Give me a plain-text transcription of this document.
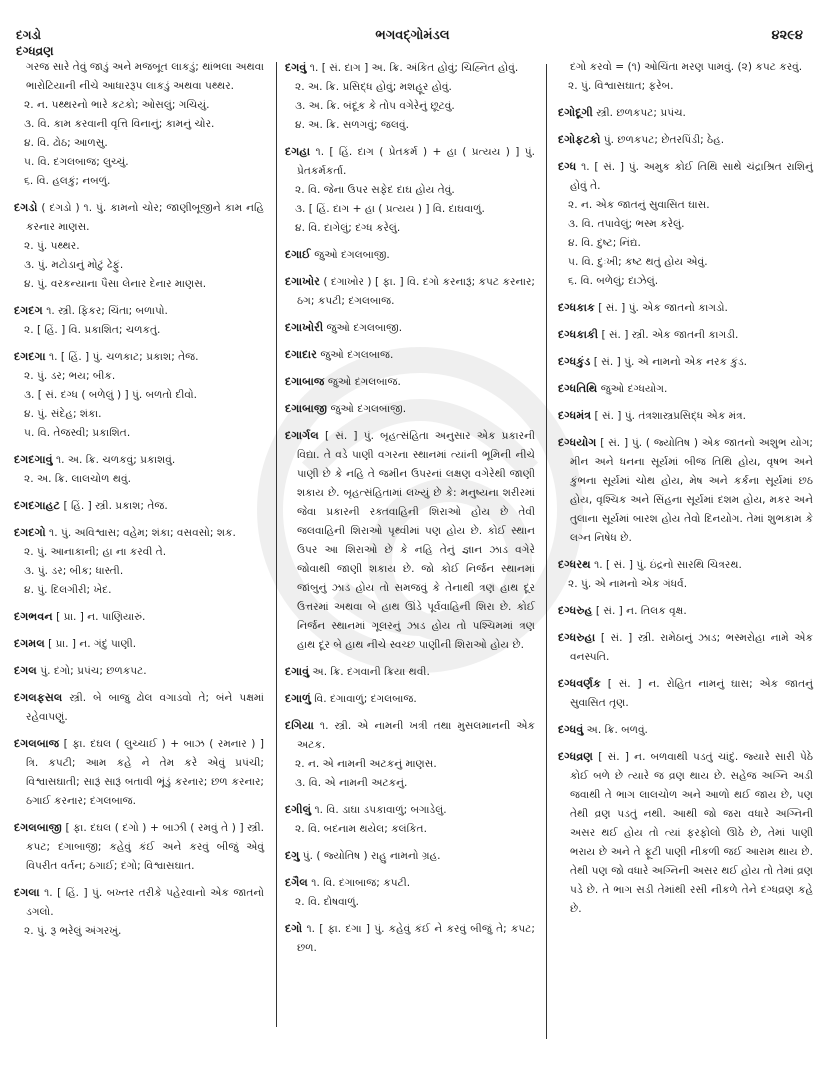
દગડો
દગ્ધવ્રણ
ભગવદ્ગોમંડલ	૪૨૯૪
ગરજ સારે તેવું જાડું અને મજબૂત લાકડું; થાંભલા અથવા ભારોટિયાની નીચે આધારરૂપ લાકડું અથવા પથ્થર.
૨. ન. પથ્થરનો ભારે કટકો; ઓસલું; ગચિયું.
૩. વિ. કામ કરવાની વૃત્તિ વિનાનું; કામનું ચોર.
૪. વિ. ઢોઠ; આળસુ.
૫. વિ. દગલબાજ; લુચ્ચું.
૬. વિ. હલકું; નબળું.
દગડો ( દગડો ) ૧. પું. કામનો ચોર; જાણીબૂજીને કામ નહિ કરનાર માણસ.
૨. પું. પથ્થર.
૩. પું. મટોડાનું મોટું ઢેફું.
૪. પું. વરકન્યાના પૈસા લેનાર દેનાર માણસ.
દગદગ ૧. સ્ત્રી. ફિકર; ચિંતા; બળાપો.
૨. [ હિં. ] વિ. પ્રકાશિત; ચળકતું.
દગદગા ૧. [ હિં. ] પું. ચળકાટ; પ્રકાશ; તેજ.
૨. પું. ડર; ભય; બીક.
૩. [ સં. દગ્ધ ( બળેલું ) ] પું. બળતો દીવો.
૪. પું. સંદેહ; શંકા.
૫. વિ. તેજસ્વી; પ્રકાશિત.
દગદગાવું ૧. અ. ક્રિ. ચળકવું; પ્રકાશવું.
૨. અ. ક્રિ. લાલચોળ થવું.
દગદગાહટ [ હિં. ] સ્ત્રી. પ્રકાશ; તેજ.
દગદગો ૧. પું. અવિશ્વાસ; વહેમ; શંકા; વસવસો; શક.
૨. પું. આનાકાની; હા ના કરવી તે.
૩. પું. ડર; બીક; ધાસ્તી.
૪. પું. દિલગીરી; ખેદ.
દગભવન [ પ્રા. ] ન. પાણિયારું.
દગમલ [ પ્રા. ] ન. ગંદું પાણી.
દગલ પું. દગો; પ્રપંચ; છળકપટ.
દગલફસલ સ્ત્રી. બે બાજુ ઢોલ વગાડવો તે; બંને પક્ષમાં રહેવાપણું.
દગલબાજ [ ફા. દઘલ ( લુચ્ચાઈ ) + બાઝ ( રમનાર ) ] ત્રિ. કપટી; આમ કહે ને તેમ કરે એવું પ્રપંચી; વિશ્વાસઘાતી; સારૂં સારૂં બતાવી ભૂંડું કરનાર; છળ કરનાર; ઠગાઈ કરનાર; દગલબાજ.
દગલબાજી [ ફા. દઘલ ( દગો ) + બાઝી ( રમવું તે ) ] સ્ત્રી. કપટ; દગાબાજી; કહેવું કંઈ અને કરવું બીજું એવું વિપરીત વર્તન; ઠગાઈ; દગો; વિશ્વાસઘાત.
દગલા ૧. [ હિં. ] પું. બખ્તર તરીકે પહેરવાનો એક જાતનો ડગલો.
૨. પું. રૂ ભરેલું અંગરખું.
દગવું ૧. [ સં. દાગ ] અ. ક્રિ. અંકિત હોવું; ચિહ્નિત હોવું.
૨. અ. ક્રિ. પ્રસિદ્ધ હોવું; મશહૂર હોવું.
૩. અ. ક્રિ. બંદૂક કે તોપ વગેરેનું છૂટવું.
૪. અ. ક્રિ. સળગવું; જલવું.
દગહા ૧. [ હિં. દાગ ( પ્રેતકર્મ ) + હા ( પ્રત્યય ) ] પું. પ્રેતકર્મકર્તા.
૨. વિ. જેના ઉપર સફેદ દાઘ હોય તેવું.
૩. [ હિં. દાગ + હા ( પ્રત્યય ) ] વિ. દાઘવાળું.
૪. વિ. દાગેલું; દગ્ધ કરેલું.
દગાઈ જુઓ દગલબાજી.
દગાખોર ( દગાખોર ) [ ફા. ] વિ. દગો કરનારૂં; કપટ કરનાર; ઠગ; કપટી; દગલબાજ.
દગાખોરી જુઓ દગલબાજી.
દગાદાર જુઓ દગલબાજ.
દગાબાજ જુઓ દગલબાજ.
દગાબાજી જુઓ દગલબાજી.
દગાર્ગલ [ સં. ] પું. બૃહત્સંહિતા અનુસાર એક પ્રકારની વિદ્યા. તે વડે પાણી વગરના સ્થાનમાં ત્યાંની ભૂમિની નીચે પાણી છે કે નહિ તે જમીન ઉપરનાં લક્ષણ વગેરેથી જાણી શકાય છે. બૃહત્સંહિતામાં લખ્યું છે કે: મનુષ્યના શરીરમાં જેવા પ્રકારની રક્તવાહિની શિરાઓ હોય છે તેવી જલવાહિની શિરાઓ પૃથ્વીમાં પણ હોય છે. કોઈ સ્થાન ઉપર આ શિરાઓ છે કે નહિ તેનું જ્ઞાન ઝાડ વગેરે જોવાથી જાણી શકાય છે. જો કોઈ નિર્જન સ્થાનમાં જાંબુનું ઝાડ હોય તો સમજવું કે તેનાથી ત્રણ હાથ દૂર ઉત્તરમાં અથવા બે હાથ ઊંડે પૂર્વવાહિની શિરા છે. કોઈ નિર્જન સ્થાનમાં ગૂલરનું ઝાડ હોય તો પશ્ચિમમાં ત્રણ હાથ દૂર બે હાથ નીચે સ્વચ્છ પાણીની શિરાઓ હોય છે.
દગાવું અ. ક્રિ. દગવાની ક્રિયા થવી.
દગાળું વિ. દગાવાળું; દગલબાજ.
દગિયા ૧. સ્ત્રી. એ નામની ખત્રી તથા મુસલમાનની એક અટક.
૨. ન. એ નામની અટકનું માણસ.
૩. વિ. એ નામની અટકનું.
દગીલું ૧. વિ. ડાઘા ડપકાવાળું; બગાડેલું.
૨. વિ. બદનામ થયેલ; કલંકિત.
દગુ પું. ( જ્યોતિષ ) રાહુ નામનો ગ્રહ.
દગૈલ ૧. વિ. દગાબાજ; કપટી.
૨. વિ. દોષવાળું.
દગો ૧. [ ફા. દગા ] પું. કહેવું કંઈ ને કરવું બીજું તે; કપટ; છળ.
દગો કરવો = (૧) ઓચિંતા મરણ પામવું. (૨) કપટ કરવું.
૨. પું. વિશ્વાસઘાત; ફરેબ.
દગોદૂગી સ્ત્રી. છળકપટ; પ્રપંચ.
દગોફટકો પું. છળકપટ; છેતરપિંડી; ઠેહ.
દગ્ધ ૧. [ સં. ] પું. અમુક કોઈ તિથિ સાથે ચંદ્રાશ્રિત રાશિનું હોવું તે.
૨. ન. એક જાતનું સુવાસિત ઘાસ.
૩. વિ. તપાવેલું; ભસ્મ કરેલું.
૪. વિ. દુષ્ટ; નિંદ્ય.
૫. વિ. દુઃખી; કષ્ટ થતું હોય એવું.
૬. વિ. બળેલું; દાઝેલું.
દગ્ધકાક [ સં. ] પું. એક જાતનો કાગડો.
દગ્ધકાકી [ સં. ] સ્ત્રી. એક જાતની કાગડી.
દગ્ધકુંડ [ સં. ] પું. એ નામનો એક નરક કુંડ.
દગ્ધતિથિ જુઓ દગ્ધયોગ.
દગ્ધમંત્ર [ સં. ] પું. તંત્રશાસ્ત્રપ્રસિદ્ધ એક મંત્ર.
દગ્ધયોગ [ સં. ] પું. ( જ્યોતિષ ) એક જાતનો અશુભ યોગ; મીન અને ધનના સૂર્યમાં બીજ તિથિ હોય, વૃષભ અને કુંભના સૂર્યમાં ચોથ હોય, મેષ અને કર્કના સૂર્યમાં છઠ હોય, વૃશ્ચિક અને સિંહના સૂર્યમાં દશમ હોય, મકર અને તુલાના સૂર્યમાં બારશ હોય તેવો દિનયોગ. તેમાં શુભકામ કે લગ્ન નિષેધ છે.
દગ્ધરથ ૧. [ સં. ] પું. ઇંદ્રનો સારથિ ચિત્રરથ.
૨. પું. એ નામનો એક ગંધર્વ.
દગ્ધરુહ [ સં. ] ન. તિલક વૃક્ષ.
દગ્ધરુહા [ સં. ] સ્ત્રી. રામેઠાનું ઝાડ; ભસ્મરોહા નામે એક વનસ્પતિ.
દગ્ધવર્ણક [ સં. ] ન. રોહિત નામનું ઘાસ; એક જાતનું સુવાસિત તૃણ.
દગ્ધવું અ. ક્રિ. બળવું.
દગ્ધવ્રણ [ સં. ] ન. બળવાથી પડતું ચાંદું. જ્યારે સારી પેઠે કોઈ બળે છે ત્યારે જ વ્રણ થાય છે. સહેજ અગ્નિ અડી જવાથી તે ભાગ લાલચોળ અને આળો થઈ જાય છે, પણ તેથી વ્રણ પડતું નથી. આથી જો જરા વધારે અગ્નિની અસર થઈ હોય તો ત્યાં ફરફોલો ઊઠે છે, તેમાં પાણી ભરાય છે અને તે ફૂટી પાણી નીકળી જઈ આરામ થાય છે. તેથી પણ જો વધારે અગ્નિની અસર થઈ હોય તો તેમાં વ્રણ પડે છે. તે ભાગ સડી તેમાંથી રસી નીકળે તેને દગ્ધવ્રણ કહે છે.
